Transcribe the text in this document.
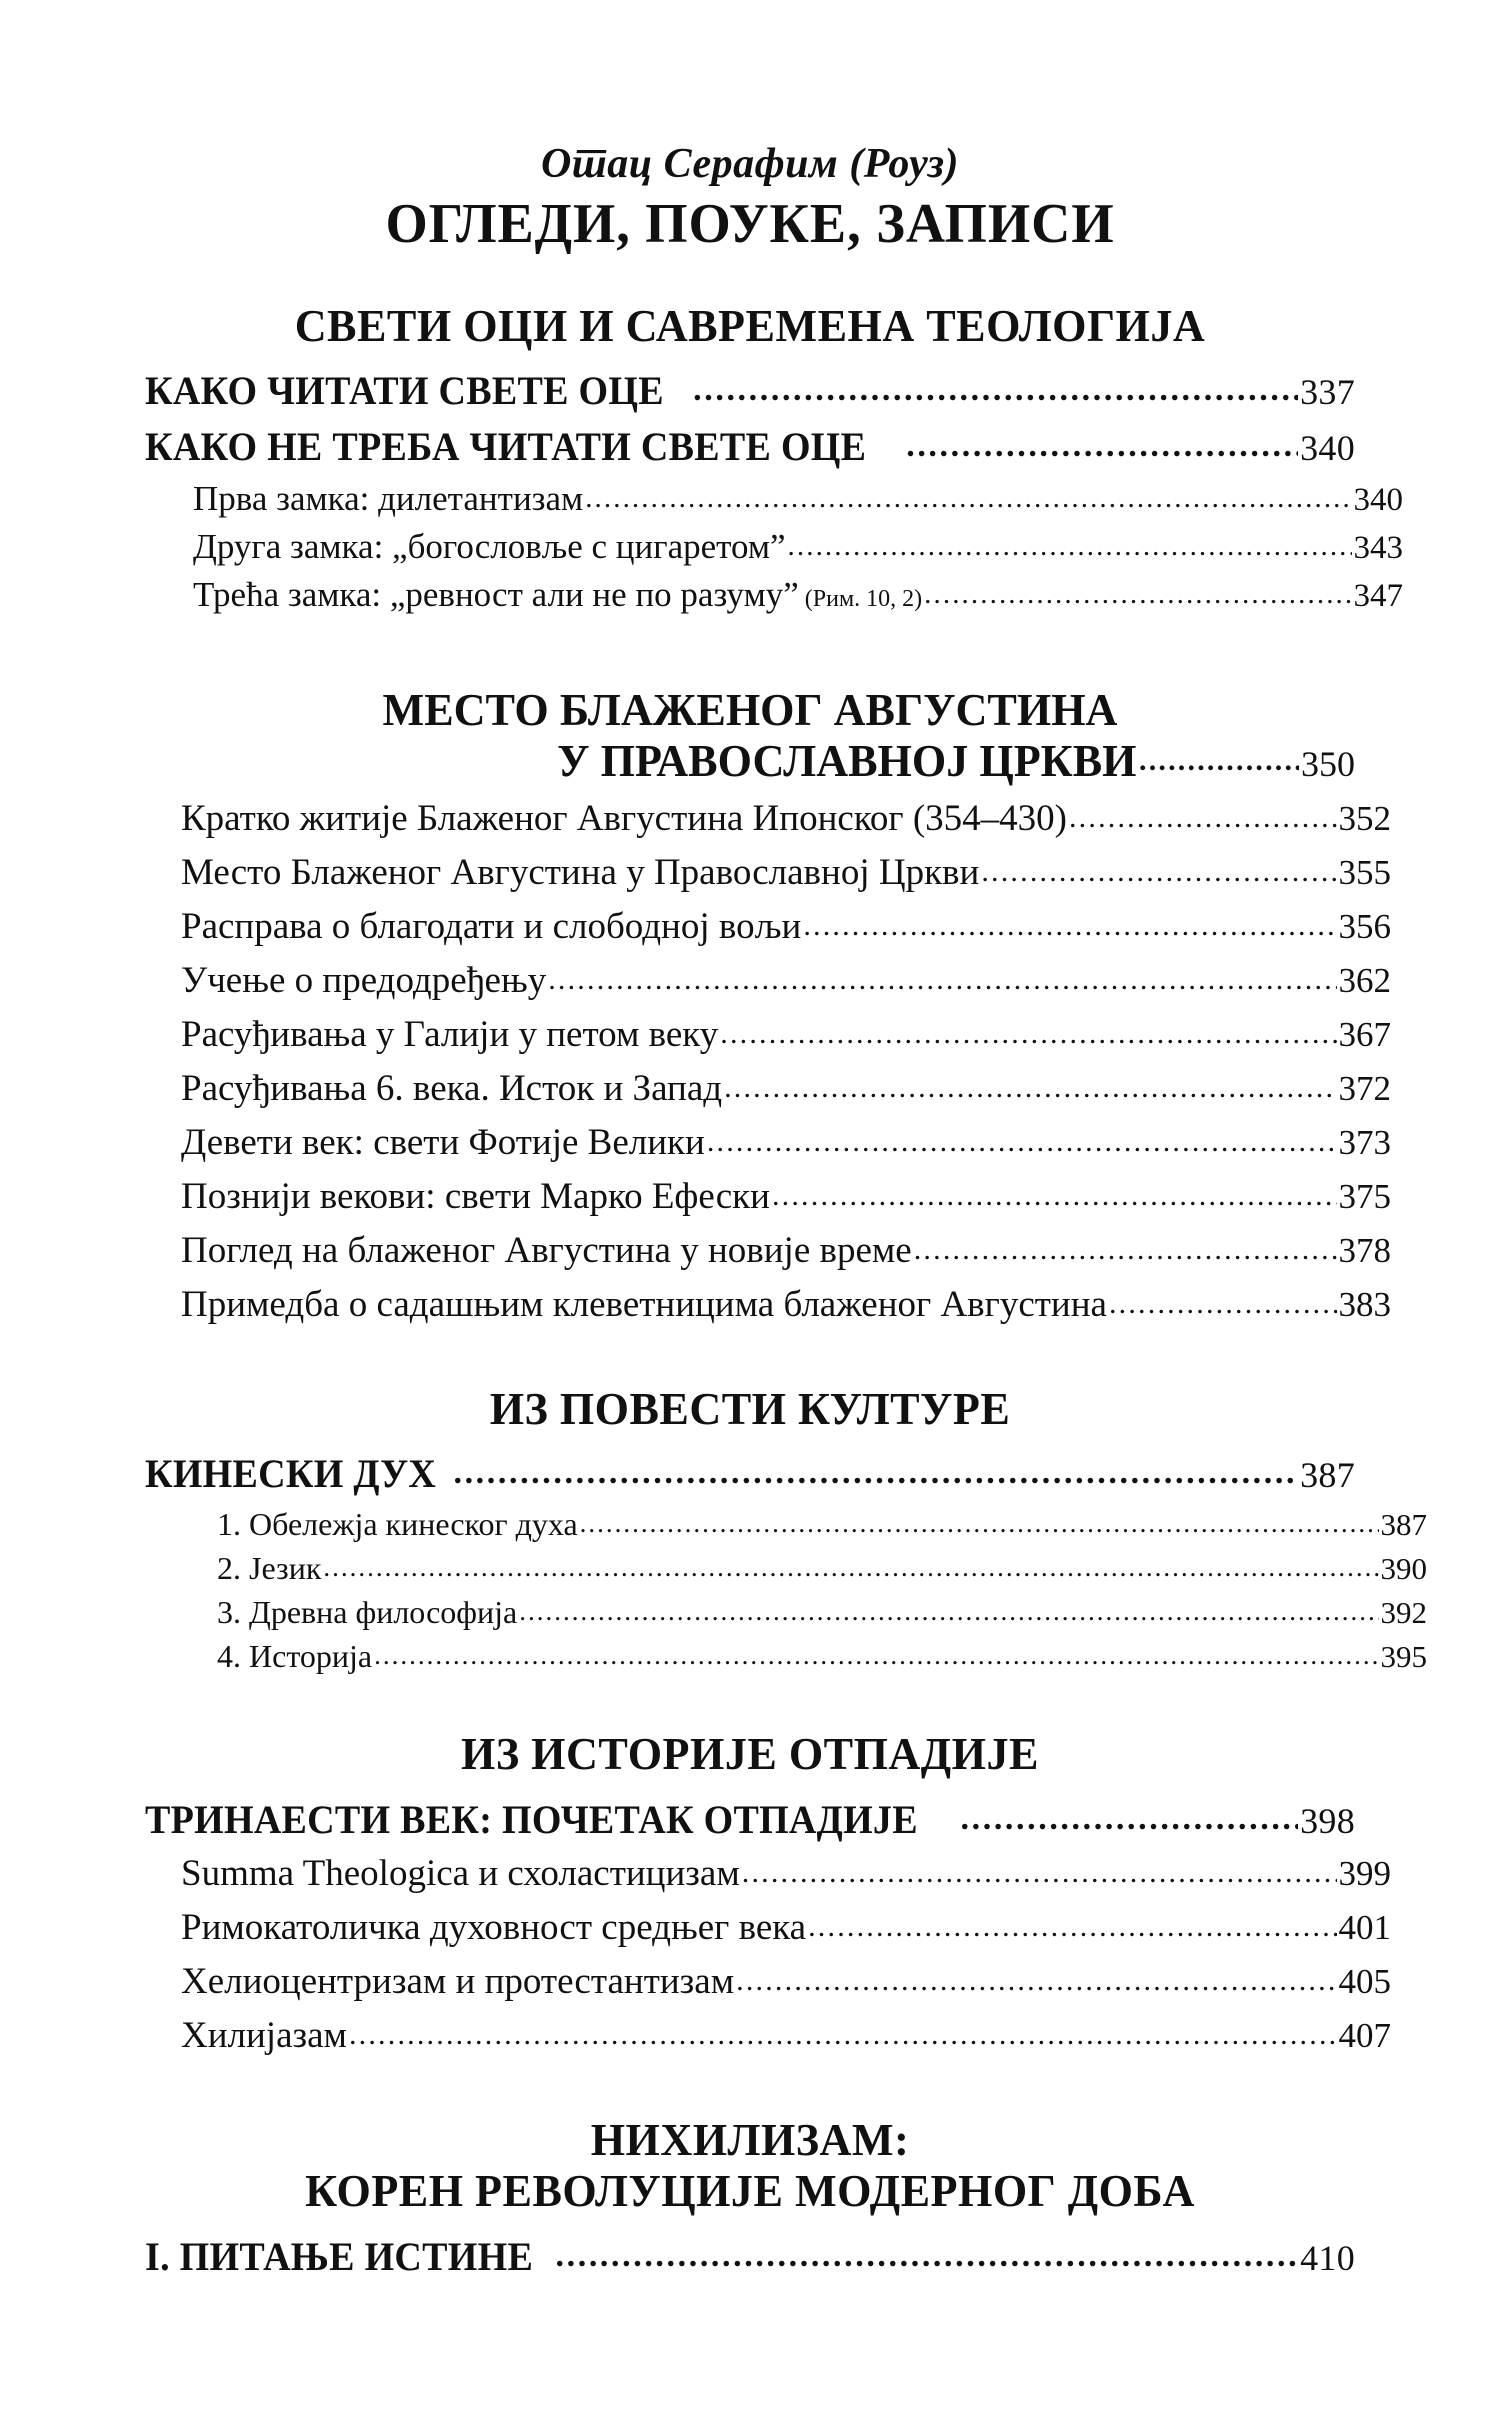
Отац Серафим (Роуз)
ОГЛЕДИ, ПОУКЕ, ЗАПИСИ
СВЕТИ ОЦИ И САВРЕМЕНА ТЕОЛОГИЈА
КАКО ЧИТАТИ СВЕТЕ ОЦЕ .....	337
КАКО НЕ ТРЕБА ЧИТАТИ СВЕТЕ ОЦЕ .....	340
Прва замка: дилетантизам .....	340
Друга замка: „богословље с цигаретом” .....	343
Трећа замка: „ревност али не по разуму” (Рим. 10, 2) .....	347
МЕСТО БЛАЖЕНОГ АВГУСТИНА
У ПРАВОСЛАВНОЈ ЦРКВИ .....	350
Кратко житије Блаженог Августина Ипонског (354–430) .....	352
Место Блаженог Августина у Православној Цркви .....	355
Расправа о благодати и слободној вољи .....	356
Учење о предодређењу .....	362
Расуђивања у Галији у петом веку .....	367
Расуђивања 6. века. Исток и Запад .....	372
Девети век: свети Фотије Велики .....	373
Познији векови: свети Марко Ефески .....	375
Поглед на блаженог Августина у новије време .....	378
Примедба о садашњим клеветницима блаженог Августина .....	383
ИЗ ПОВЕСТИ КУЛТУРЕ
КИНЕСКИ ДУХ .....	387
1. Обележја кинеског духа .....	387
2. Језик .....	390
3. Древна философија .....	392
4. Историја .....	395
ИЗ ИСТОРИЈЕ ОТПАДИЈЕ
ТРИНАЕСТИ ВЕК: ПОЧЕТАК ОТПАДИЈЕ .....	398
Summa Theologica и схоластицизам .....	399
Римокатоличка духовност средњег века .....	401
Хелиоцентризам и протестантизам .....	405
Хилијазам .....	407
НИХИЛИЗАМ:
КОРЕН РЕВОЛУЦИЈЕ МОДЕРНОГ ДОБА
I. ПИТАЊЕ ИСТИНЕ .....	410
